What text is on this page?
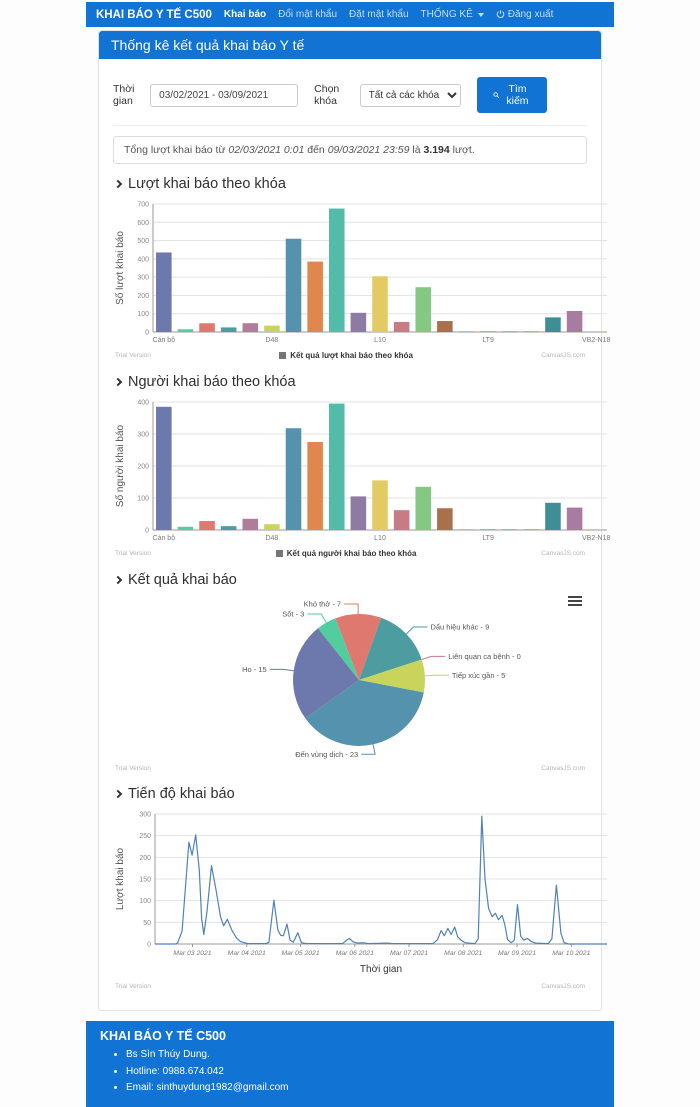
KHAI BÁO Y TẾ C500 Khai báo Đổi mật khẩu Đặt mật khẩu THỐNG KÊ	Đăng xuất
Thống kê kết quả khai báo Y tế
Thời gian
03/02/2021 - 03/09/2021
Chọn khóa
Tất cả các khóa
Tìm kiếm
Tổng lượt khai báo từ 02/03/2021 0:01 đến 09/03/2021 23:59 là 3.194 lượt.
Lượt khai báo theo khóa
0
100
200
300
400
500
600
700
Cán bộ	D48	L10	LT9	VB2-N18
Số lượt khai báo
Trial Version	Kết quả lượt khai báo theo khóa	CanvasJS.com
Người khai báo theo khóa
0
100
200
300
400
Cán bộ	D48	L10	LT9	VB2-N18
Số người khai báo
Trial Version	Kết quả người khai báo theo khóa	CanvasJS.com
Kết quả khai báo
Khó thở - 7
Dấu hiệu khác - 9
Liên quan ca bệnh - 0
Tiếp xúc gần - 5
Đến vùng dịch - 23
Ho - 15
Sốt - 3
Trial Version	CanvasJS.com
Tiến độ khai báo
0
50
100
150
200
250
300
Mar 03 2021 Mar 04 2021 Mar 05 2021 Mar 06 2021 Mar 07 2021 Mar 08 2021 Mar 09 2021 Mar 10 2021
Lượt khai báo
Thời gian
Trial Version	CanvasJS.com
KHAI BÁO Y TẾ C500
• Bs Sìn Thúy Dung.
• Hotline: 0988.674.042
• Email: sinthuydung1982@gmail.com
